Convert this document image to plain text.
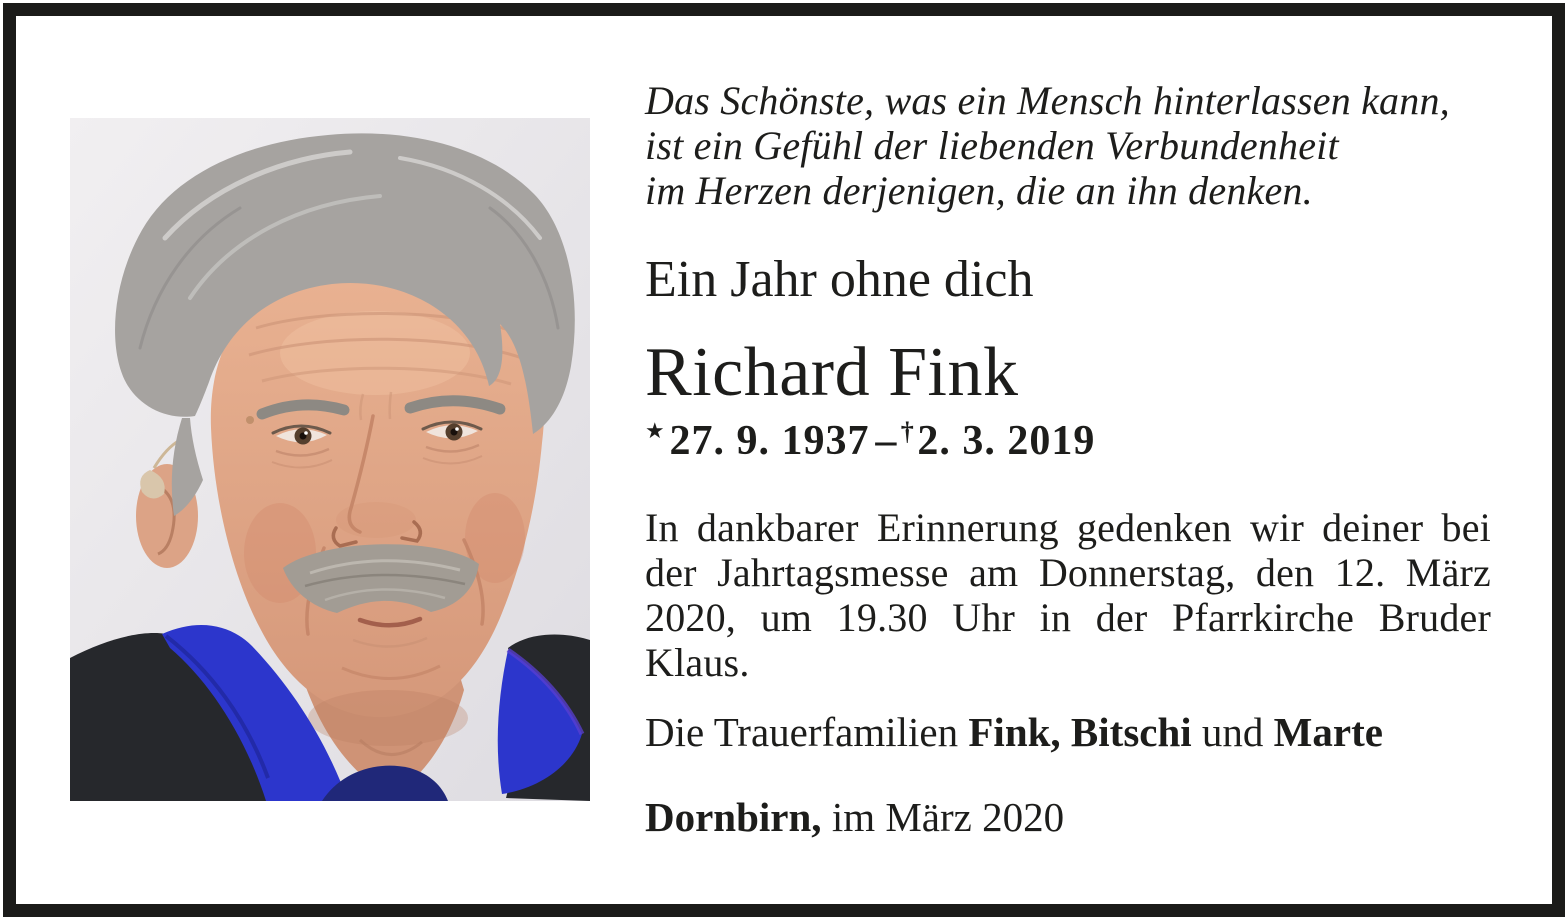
Das Schönste, was ein Mensch hinterlassen kann,
ist ein Gefühl der liebenden Verbundenheit
im Herzen derjenigen, die an ihn denken.
Ein Jahr ohne dich
Richard Fink
★27. 9. 1937 – †2. 3. 2019

In dankbarer Erinnerung gedenken wir deiner bei der Jahrtagsmesse am Donnerstag, den 12. März 2020, um 19.30 Uhr in der Pfarrkirche Bruder Klaus.

Die Trauerfamilien Fink, Bitschi und Marte
Dornbirn, im März 2020
